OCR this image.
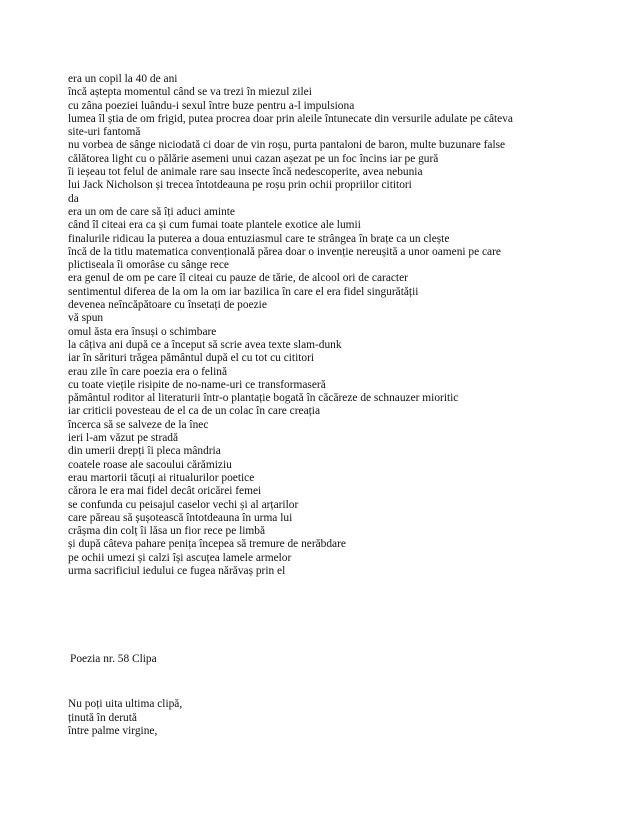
era un copil la 40 de ani
încă aștepta momentul când se va trezi în miezul zilei
cu zâna poeziei luându-i sexul între buze pentru a-l impulsiona
lumea îl știa de om frigid, putea procrea doar prin aleile întunecate din versurile adulate pe câteva
site-uri fantomă
nu vorbea de sânge niciodată ci doar de vin roșu, purta pantaloni de baron, multe buzunare false
călătorea light cu o pălărie asemeni unui cazan așezat pe un foc încins iar pe gură
îi ieșeau tot felul de animale rare sau insecte încă nedescoperite, avea nebunia
lui Jack Nicholson și trecea întotdeauna pe roșu prin ochii propriilor cititori
da
era un om de care să îți aduci aminte
când îl citeai era ca și cum fumai toate plantele exotice ale lumii
finalurile ridicau la puterea a doua entuziasmul care te strângea în brațe ca un clește
încă de la titlu matematica convențională părea doar o invenție nereușită a unor oameni pe care
plictiseala îi omorâse cu sânge rece
era genul de om pe care îl citeai cu pauze de tărie, de alcool ori de caracter
sentimentul diferea de la om la om iar bazilica în care el era fidel singurătății
devenea neîncăpătoare cu însetați de poezie
vă spun
omul ăsta era însuși o schimbare
la câțiva ani după ce a început să scrie avea texte slam-dunk
iar în sărituri trăgea pământul după el cu tot cu cititori
erau zile în care poezia era o felină
cu toate viețile risipite de no-name-uri ce transformaseră
pământul roditor al literaturii într-o plantație bogată în căcăreze de schnauzer mioritic
iar criticii povesteau de el ca de un colac în care creația
încerca să se salveze de la înec
ieri l-am văzut pe stradă
din umerii drepți îi pleca mândria
coatele roase ale sacoului cărămiziu
erau martorii tăcuți ai ritualurilor poetice
cărora le era mai fidel decât oricărei femei
se confunda cu peisajul caselor vechi și al arțarilor
care păreau să șușotească întotdeauna în urma lui
crâșma din colț îi lăsa un fior rece pe limbă
și după câteva pahare penița începea să tremure de nerăbdare
pe ochii umezi și calzi își ascuțea lamele armelor
urma sacrificiul iedului ce fugea nărăvaș prin el
Poezia nr. 58 Clipa
Nu poți uita ultima clipă,
ținută în derută
între palme virgine,
